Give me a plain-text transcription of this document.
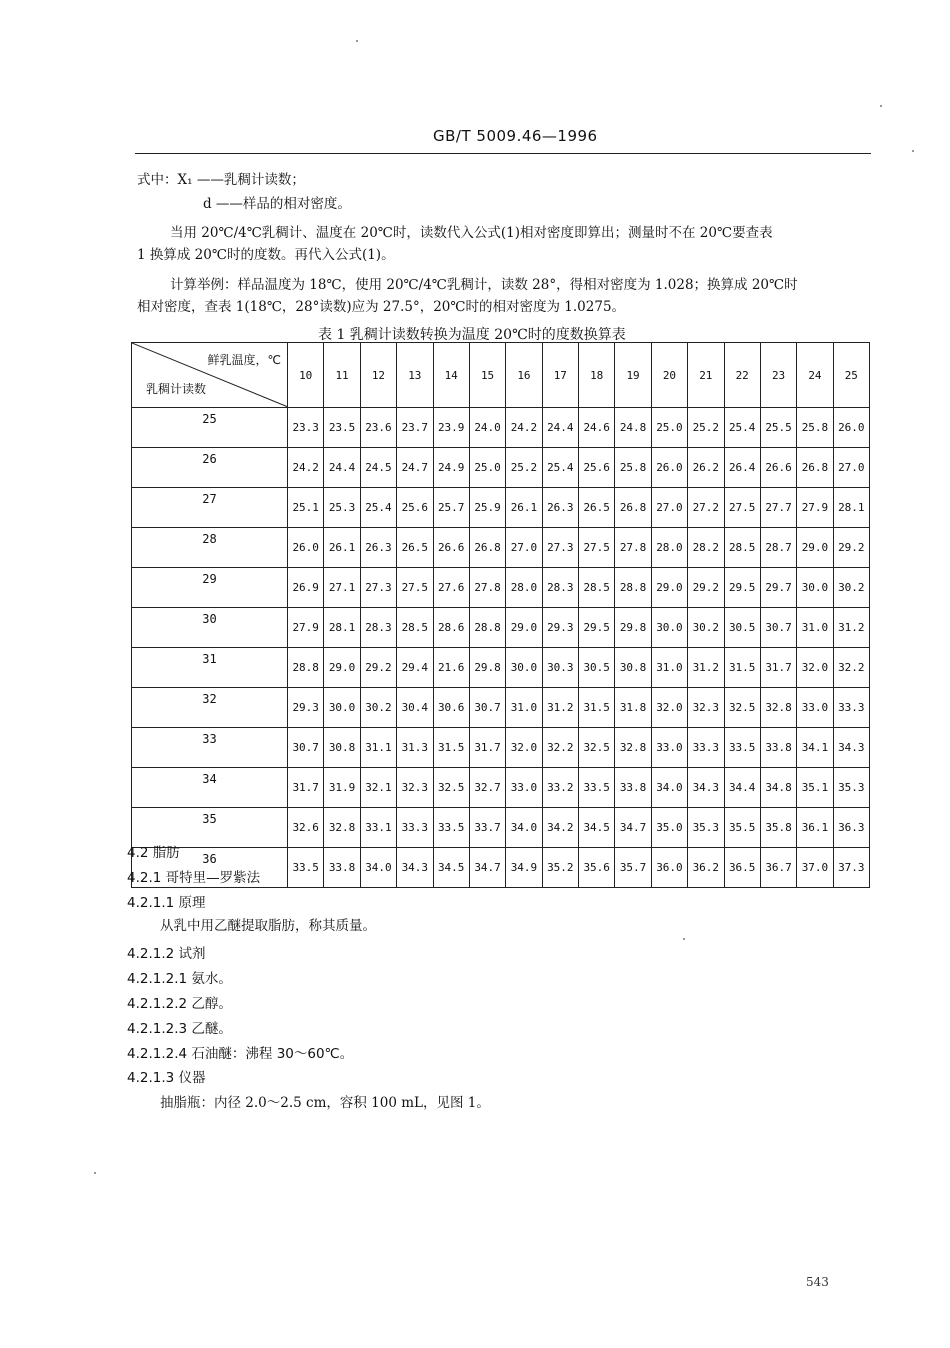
GB/T 5009.46—1996
式中：X₁ ——乳稠计读数；
d ——样品的相对密度。
当用 20℃/4℃乳稠计、温度在 20℃时，读数代入公式(1)相对密度即算出；测量时不在 20℃要查表
1 换算成 20℃时的度数。再代入公式(1)。
计算举例：样品温度为 18℃，使用 20℃/4℃乳稠计，读数 28°，得相对密度为 1.028；换算成 20℃时
相对密度，查表 1(18℃，28°读数)应为 27.5°，20℃时的相对密度为 1.0275。
表 1 乳稠计读数转换为温度 20℃时的度数换算表
鲜乳温度，℃
乳稠计读数	10	11	12	13	14	15	16	17	18	19	20	21	22	23	24	25
25	23.3	23.5	23.6	23.7	23.9	24.0	24.2	24.4	24.6	24.8	25.0	25.2	25.4	25.5	25.8	26.0
26	24.2	24.4	24.5	24.7	24.9	25.0	25.2	25.4	25.6	25.8	26.0	26.2	26.4	26.6	26.8	27.0
27	25.1	25.3	25.4	25.6	25.7	25.9	26.1	26.3	26.5	26.8	27.0	27.2	27.5	27.7	27.9	28.1
28	26.0	26.1	26.3	26.5	26.6	26.8	27.0	27.3	27.5	27.8	28.0	28.2	28.5	28.7	29.0	29.2
29	26.9	27.1	27.3	27.5	27.6	27.8	28.0	28.3	28.5	28.8	29.0	29.2	29.5	29.7	30.0	30.2
30	27.9	28.1	28.3	28.5	28.6	28.8	29.0	29.3	29.5	29.8	30.0	30.2	30.5	30.7	31.0	31.2
31	28.8	29.0	29.2	29.4	21.6	29.8	30.0	30.3	30.5	30.8	31.0	31.2	31.5	31.7	32.0	32.2
32	29.3	30.0	30.2	30.4	30.6	30.7	31.0	31.2	31.5	31.8	32.0	32.3	32.5	32.8	33.0	33.3
33	30.7	30.8	31.1	31.3	31.5	31.7	32.0	32.2	32.5	32.8	33.0	33.3	33.5	33.8	34.1	34.3
34	31.7	31.9	32.1	32.3	32.5	32.7	33.0	33.2	33.5	33.8	34.0	34.3	34.4	34.8	35.1	35.3
35	32.6	32.8	33.1	33.3	33.5	33.7	34.0	34.2	34.5	34.7	35.0	35.3	35.5	35.8	36.1	36.3
36	33.5	33.8	34.0	34.3	34.5	34.7	34.9	35.2	35.6	35.7	36.0	36.2	36.5	36.7	37.0	37.3
4.2 脂肪
4.2.1 哥特里—罗紫法
4.2.1.1 原理
从乳中用乙醚提取脂肪，称其质量。
4.2.1.2 试剂
4.2.1.2.1 氨水。
4.2.1.2.2 乙醇。
4.2.1.2.3 乙醚。
4.2.1.2.4 石油醚：沸程 30～60℃。
4.2.1.3 仪器
抽脂瓶：内径 2.0～2.5 cm，容积 100 mL，见图 1。
543
